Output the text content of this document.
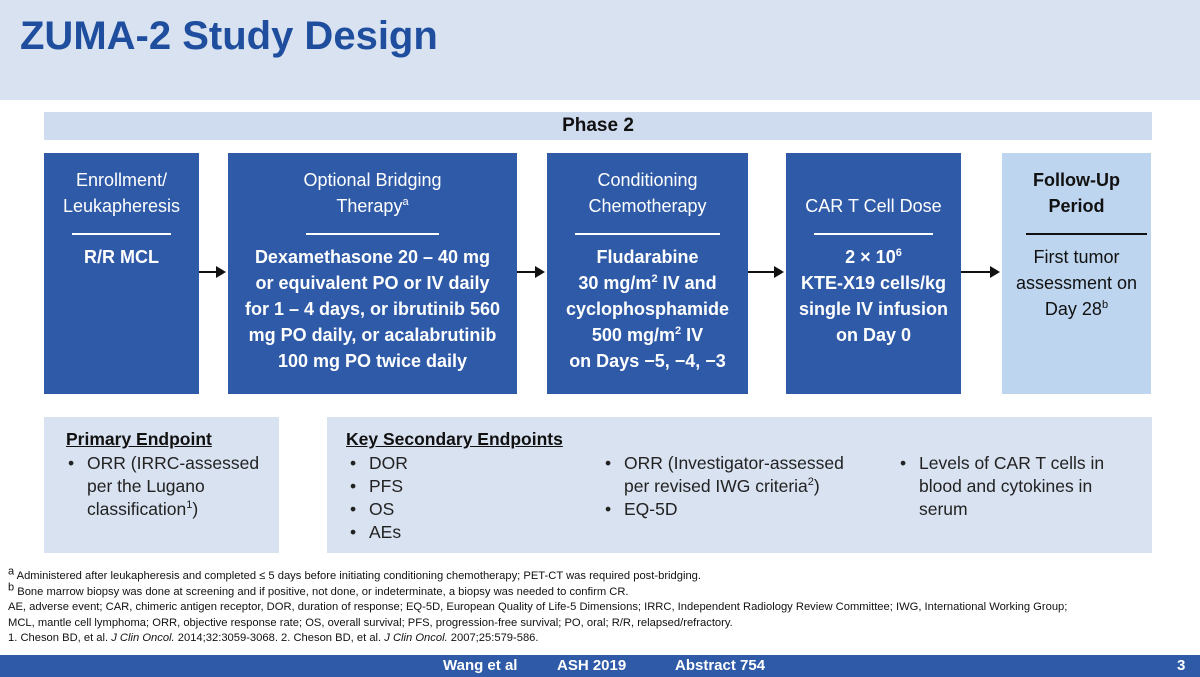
ZUMA-2 Study Design
Phase 2
Enrollment/
Leukapheresis
R/R MCL
Optional Bridging
Therapy$^a$
Dexamethasone 20 – 40 mg
or equivalent PO or IV daily
for 1 – 4 days, or ibrutinib 560
mg PO daily, or acalabrutinib
100 mg PO twice daily
Conditioning
Chemotherapy
Fludarabine
30 $mg/m^2$ IV and
cyclophosphamide
500 $mg/m^2$ IV
on Days −5, −4, −3
CAR T Cell Dose
$2 \times 10^6$
KTE-X19 cells/kg
single IV infusion
on Day 0
Follow-Up
Period
First tumor
assessment on
Day 28$^b$
Primary Endpoint
• ORR (IRRC-assessed
per the Lugano
classification$^1$)
Key Secondary Endpoints
• DOR
• PFS
• OS
• AEs
• ORR (Investigator-assessed
per revised IWG criteria$^2$)
• EQ-5D
• Levels of CAR T cells in
blood and cytokines in
serum
$^a$ Administered after leukapheresis and completed ≤ 5 days before initiating conditioning chemotherapy; PET-CT was required post-bridging.
$^b$ Bone marrow biopsy was done at screening and if positive, not done, or indeterminate, a biopsy was needed to confirm CR.
AE, adverse event; CAR, chimeric antigen receptor, DOR, duration of response; EQ-5D, European Quality of Life-5 Dimensions; IRRC, Independent Radiology Review Committee; IWG, International Working Group;
MCL, mantle cell lymphoma; ORR, objective response rate; OS, overall survival; PFS, progression-free survival; PO, oral; R/R, relapsed/refractory.
1. Cheson BD, et al. J Clin Oncol. 2014;32:3059-3068. 2. Cheson BD, et al. J Clin Oncol. 2007;25:579-586.
Wang et al	ASH 2019	Abstract 754	3
